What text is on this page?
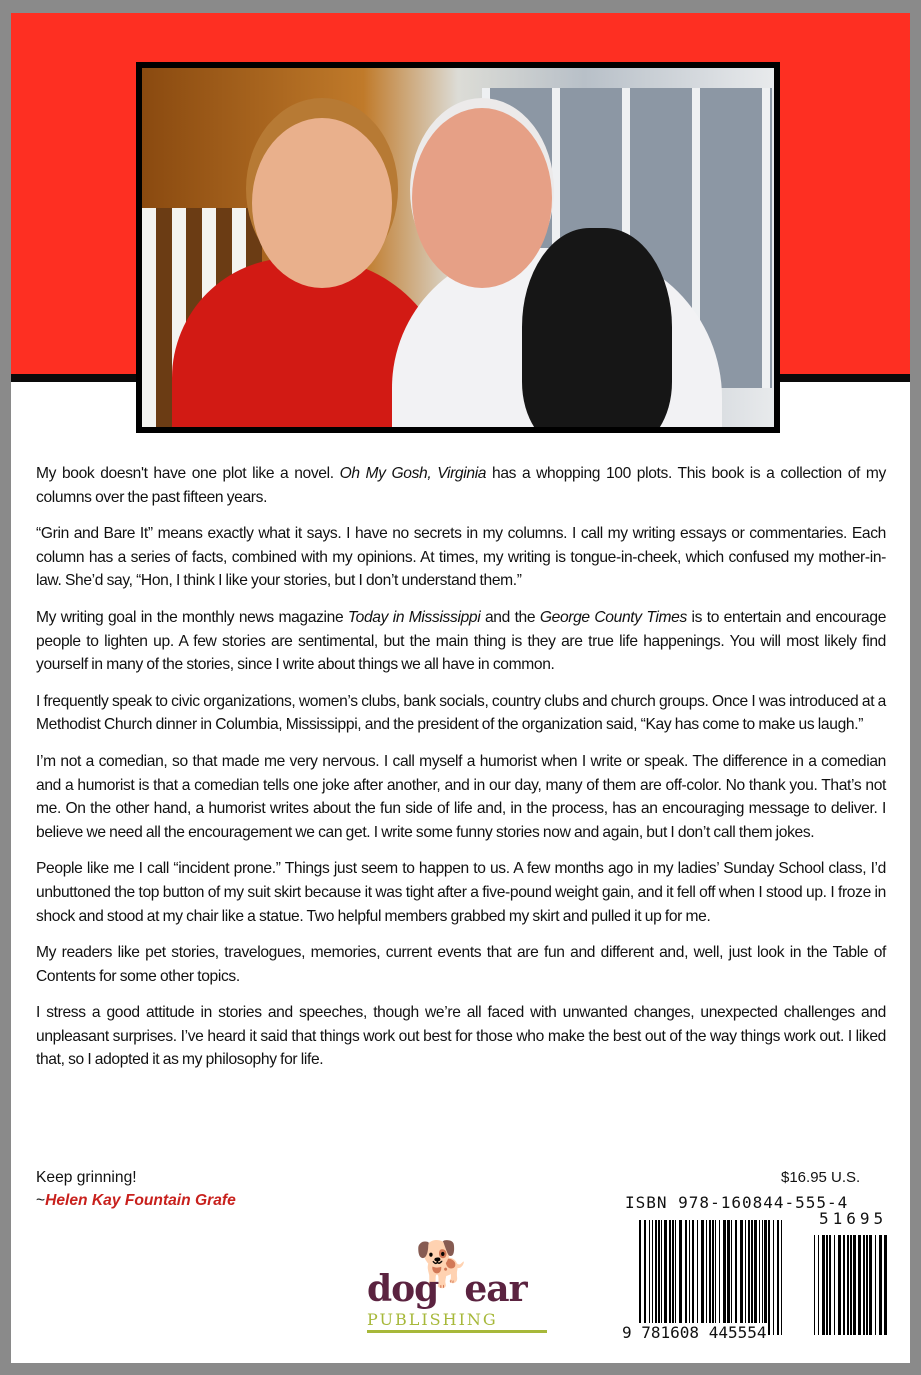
My book doesn't have one plot like a novel. Oh My Gosh, Virginia has a whopping 100 plots. This book is a collection of my columns over the past fifteen years.

“Grin and Bare It” means exactly what it says. I have no secrets in my columns. I call my writing essays or commentaries. Each column has a series of facts, combined with my opinions. At times, my writing is tongue-in-cheek, which confused my mother-in-law. She’d say, “Hon, I think I like your stories, but I don’t understand them.”

My writing goal in the monthly news magazine Today in Mississippi and the George County Times is to entertain and encourage people to lighten up. A few stories are sentimental, but the main thing is they are true life happenings. You will most likely find yourself in many of the stories, since I write about things we all have in common.

I frequently speak to civic organizations, women’s clubs, bank socials, country clubs and church groups. Once I was introduced at a Methodist Church dinner in Columbia, Mississippi, and the president of the organization said, “Kay has come to make us laugh.”

I’m not a comedian, so that made me very nervous. I call myself a humorist when I write or speak. The difference in a comedian and a humorist is that a comedian tells one joke after another, and in our day, many of them are off-color. No thank you. That’s not me. On the other hand, a humorist writes about the fun side of life and, in the process, has an encouraging message to deliver. I believe we need all the encouragement we can get. I write some funny stories now and again, but I don’t call them jokes.

People like me I call “incident prone.” Things just seem to happen to us. A few months ago in my ladies’ Sunday School class, I’d unbuttoned the top button of my suit skirt because it was tight after a five-pound weight gain, and it fell off when I stood up. I froze in shock and stood at my chair like a statue. Two helpful members grabbed my skirt and pulled it up for me.

My readers like pet stories, travelogues, memories, current events that are fun and different and, well, just look in the Table of Contents for some other topics.

I stress a good attitude in stories and speeches, though we’re all faced with unwanted changes, unexpected challenges and unpleasant surprises. I’ve heard it said that things work out best for those who make the best out of the way things work out. I liked that, so I adopted it as my philosophy for life.

Keep grinning!
~Helen Kay Fountain Grafe
🐕
dog ear
PUBLISHING
$16.95 U.S.
ISBN 978-160844-555-4
51695
9 781608 445554
